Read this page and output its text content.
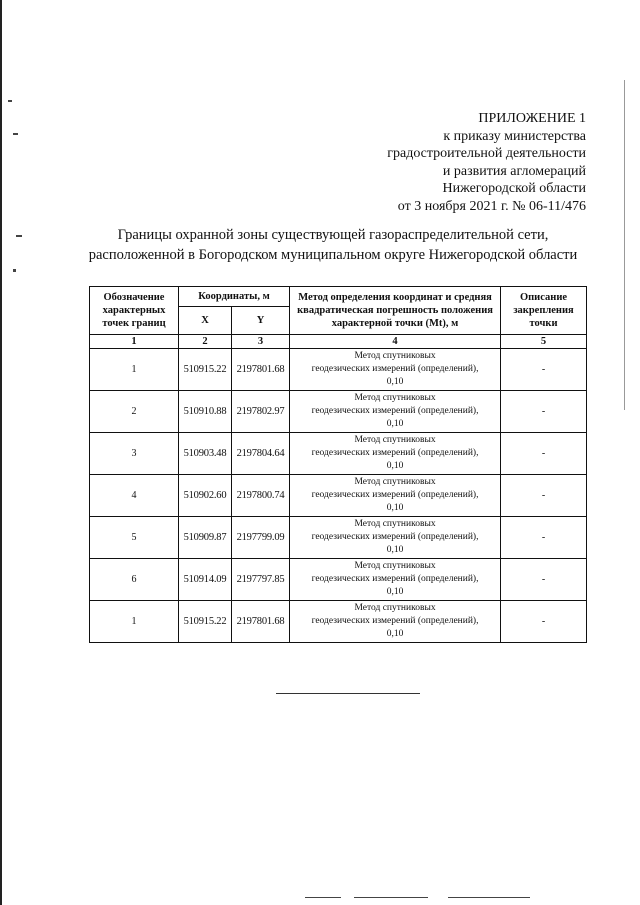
ПРИЛОЖЕНИЕ 1
к приказу министерства
градостроительной деятельности
и развития агломераций
Нижегородской области
от 3 ноября 2021 г. № 06-11/476
Границы охранной зоны существующей газораспределительной сети,
расположенной в Богородском муниципальном округе Нижегородской области
Обозначение характерных точек границ	Координаты, м		Метод определения координат и средняя квадратическая погрешность положения характерной точки (Mt), м	Описание закрепления точки
	X	Y		
1	2	3	4	5
1	510915.22	2197801.68	Метод спутниковых
геодезических измерений (определений),
0,10	-
2	510910.88	2197802.97	Метод спутниковых
геодезических измерений (определений),
0,10	-
3	510903.48	2197804.64	Метод спутниковых
геодезических измерений (определений),
0,10	-
4	510902.60	2197800.74	Метод спутниковых
геодезических измерений (определений),
0,10	-
5	510909.87	2197799.09	Метод спутниковых
геодезических измерений (определений),
0,10	-
6	510914.09	2197797.85	Метод спутниковых
геодезических измерений (определений),
0,10	-
1	510915.22	2197801.68	Метод спутниковых
геодезических измерений (определений),
0,10	-
